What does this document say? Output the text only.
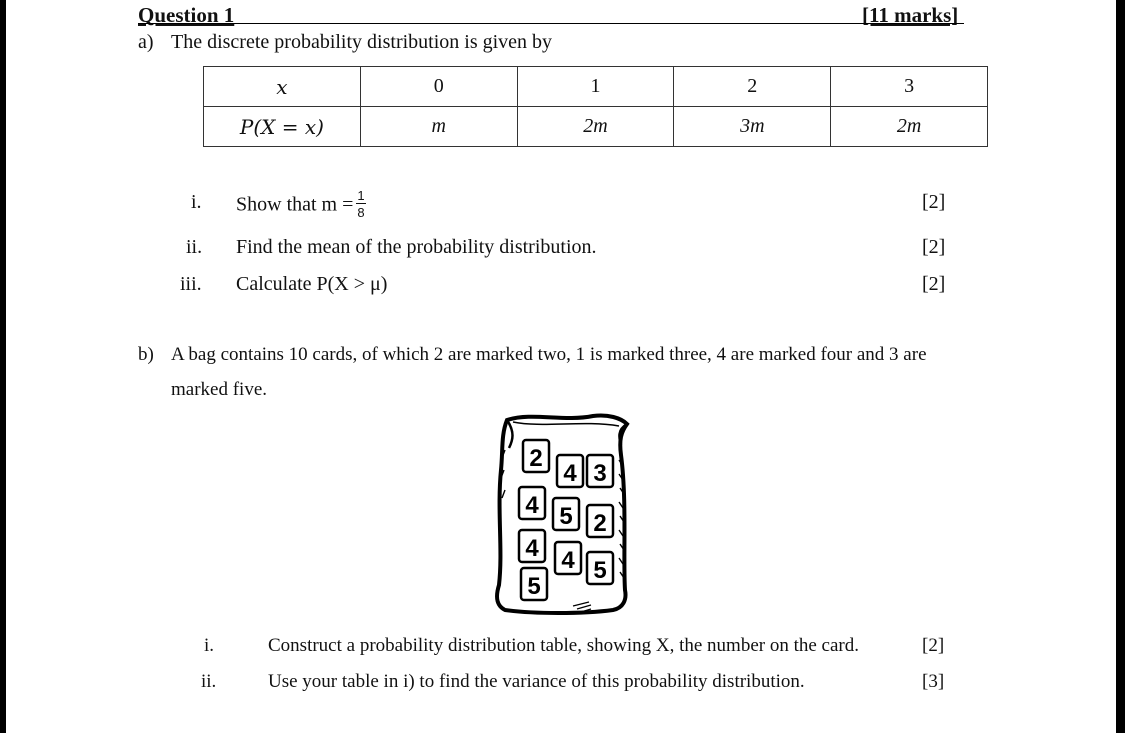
Question 1	[11 marks]
a) The discrete probability distribution is given by
x	0	1	2	3
P(X = x)	m	2m	3m	2m
i. Show that $m = \frac{1}{8}$	[2]
ii. Find the mean of the probability distribution.	[2]
iii. Calculate P(X > μ)	[2]
b) A bag contains 10 cards, of which 2 are marked two, 1 is marked three, 4 are marked four and 3 are
marked five.
2
4 3
4 5 2
4 4 5
5
i.	Construct a probability distribution table, showing X, the number on the card.	[2]
ii.	Use your table in i) to find the variance of this probability distribution.	[3]
